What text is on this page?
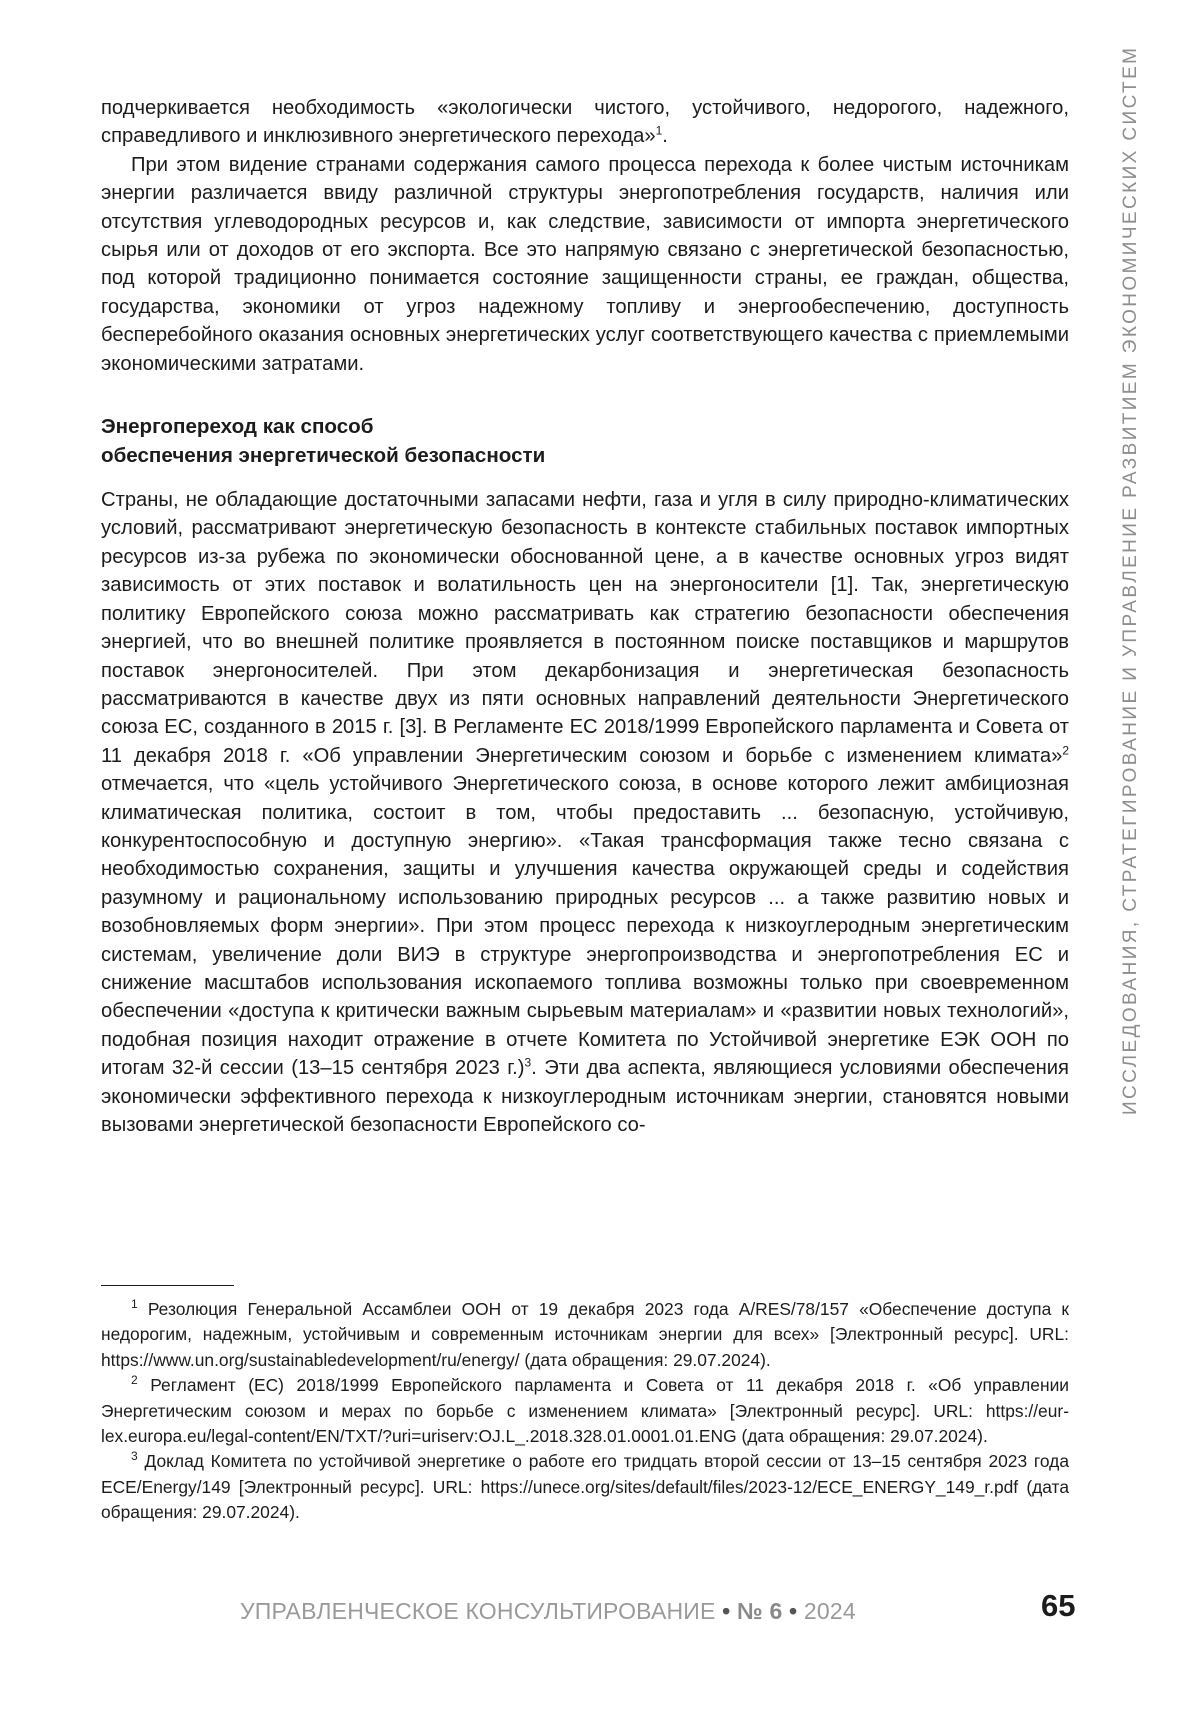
ИССЛЕДОВАНИЯ, СТРАТЕГИРОВАНИЕ И УПРАВЛЕНИЕ РАЗВИТИЕМ ЭКОНОМИЧЕСКИХ СИСТЕМ

подчеркивается необходимость «экологически чистого, устойчивого, недорогого, надежного, справедливого и инклюзивного энергетического перехода»$^1$.

При этом видение странами содержания самого процесса перехода к более чистым источникам энергии различается ввиду различной структуры энергопотребления государств, наличия или отсутствия углеводородных ресурсов и, как следствие, зависимости от импорта энергетического сырья или от доходов от его экспорта. Все это напрямую связано с энергетической безопасностью, под которой традиционно понимается состояние защищенности страны, ее граждан, общества, государства, экономики от угроз надежному топливу и энергообеспечению, доступность бесперебойного оказания основных энергетических услуг соответствующего качества с приемлемыми экономическими затратами.

Энергопереход как способ
обеспечения энергетической безопасности

Страны, не обладающие достаточными запасами нефти, газа и угля в силу природно-климатических условий, рассматривают энергетическую безопасность в контексте стабильных поставок импортных ресурсов из-за рубежа по экономически обоснованной цене, а в качестве основных угроз видят зависимость от этих поставок и волатильность цен на энергоносители [1]. Так, энергетическую политику Европейского союза можно рассматривать как стратегию безопасности обеспечения энергией, что во внешней политике проявляется в постоянном поиске поставщиков и маршрутов поставок энергоносителей. При этом декарбонизация и энергетическая безопасность рассматриваются в качестве двух из пяти основных направлений деятельности Энергетического союза ЕС, созданного в 2015 г. [3]. В Регламенте ЕС 2018/1999 Европейского парламента и Совета от 11 декабря 2018 г. «Об управлении Энергетическим союзом и борьбе с изменением климата»$^2$ отмечается, что «цель устойчивого Энергетического союза, в основе которого лежит амбициозная климатическая политика, состоит в том, чтобы предоставить ... безопасную, устойчивую, конкурентоспособную и доступную энергию». «Такая трансформация также тесно связана с необходимостью сохранения, защиты и улучшения качества окружающей среды и содействия разумному и рациональному использованию природных ресурсов ... а также развитию новых и возобновляемых форм энергии». При этом процесс перехода к низкоуглеродным энергетическим системам, увеличение доли ВИЭ в структуре энергопроизводства и энергопотребления ЕС и снижение масштабов использования ископаемого топлива возможны только при своевременном обеспечении «доступа к критически важным сырьевым материалам» и «развитии новых технологий», подобная позиция находит отражение в отчете Комитета по Устойчивой энергетике ЕЭК ООН по итогам 32-й сессии (13–15 сентября 2023 г.)$^3$. Эти два аспекта, являющиеся условиями обеспечения экономически эффективного перехода к низкоуглеродным источникам энергии, становятся новыми вызовами энергетической безопасности Европейского со-

$^1$ Резолюция Генеральной Ассамблеи ООН от 19 декабря 2023 года A/RES/78/157 «Обеспечение доступа к недорогим, надежным, устойчивым и современным источникам энергии для всех» [Электронный ресурс]. URL: https://www.un.org/sustainabledevelopment/ru/energy/ (дата обращения: 29.07.2024).

$^2$ Регламент (ЕС) 2018/1999 Европейского парламента и Совета от 11 декабря 2018 г. «Об управлении Энергетическим союзом и мерах по борьбе с изменением климата» [Электронный ресурс]. URL: https://eur-lex.europa.eu/legal-content/EN/TXT/?uri=uriserv:OJ.L_.2018.328.01.0001.01.ENG (дата обращения: 29.07.2024).

$^3$ Доклад Комитета по устойчивой энергетике о работе его тридцать второй сессии от 13–15 сентября 2023 года ECE/Energy/149 [Электронный ресурс]. URL: https://unece.org/sites/default/files/2023-12/ECE_ENERGY_149_r.pdf (дата обращения: 29.07.2024).

УПРАВЛЕНЧЕСКОЕ КОНСУЛЬТИРОВАНИЕ • № 6 • 2024	65
